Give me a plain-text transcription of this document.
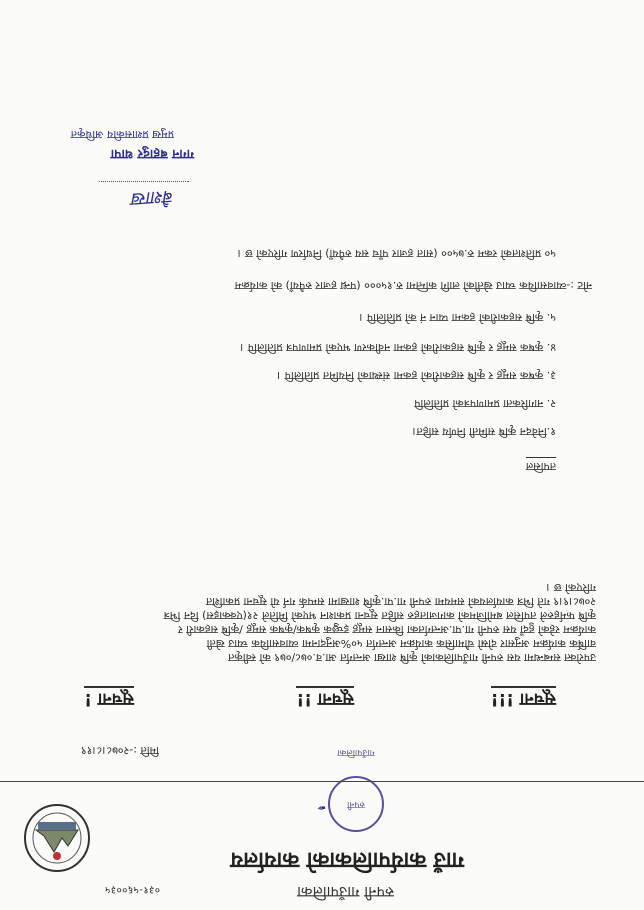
०३१-५६००३५	रुपनी गाउँपालिका
गाउँ कार्यपालिकाको कार्यालय
रुपनी गाउँपालिका
✒
मिति :-२०७८।८।१९
सूचना !	सूचना !!	सूचना !!!
उपरोक्त सम्बन्धमा यस रुपनी गाउँपालिकाको कृषि शाखा अन्तर्गत आ.व.०७८/०७९ को स्वीकृत
वार्षिक कार्यक्रम अनुसार दोस्रो चौमासिक कार्यक्रम अन्तर्गत ५०%अनुदानमा व्यावसायिक च्याउ खेती
कार्यक्रम रहेको हुदाँ यस रुपनी गा.पा.अन्तर्गतका किसान समूह इच्छुक कृषक/कृषक समूह /कृषि सहकारी र
कृषि फर्महरुले तपसिल बमोजिमको कागजातहरु सहित सूचना प्रकाशन भएको मितिले २१(एक्काइस) दिन भित्र
२०७८।९।९ गते भित्र कार्यालयको समयमा रुपनी गा.पा.कृषि शाखामा सम्पर्क गर्न यो सूचना प्रकाशित
गरिएको छ ।
तपसिल
१.निवेदन कृषि समिती निर्णय सहित।
२. नागरिकता प्रमाणपत्रको प्रतिलिपि
३. कृषक समूह र कृषि सहकारीको हकमा संस्थाको नियमित प्रतिलिपि ।
४. कृषक समूह र कृषि सहकारीको हकमा नवीकरण भएको प्रमाणपत्र प्रतिलिपि ।
५. कृषि सहकारीको हकमा प्यान नं को प्रतिलिपि ।
नोट :-व्यावसायिक च्याउ खेतीको लागि कम्तिमा रु.१५००० (पन्ध्र हजार रुपैयाँ) को कार्यक्रम
५० प्रतिशतको रकम रु.७५०० (सात हजार पाँच सय रुपैयाँ) निर्धारण गरिएको छ ।
बैशाख
गगन बहादुर थापा
प्रमुख प्रशासकीय अधिकृत
